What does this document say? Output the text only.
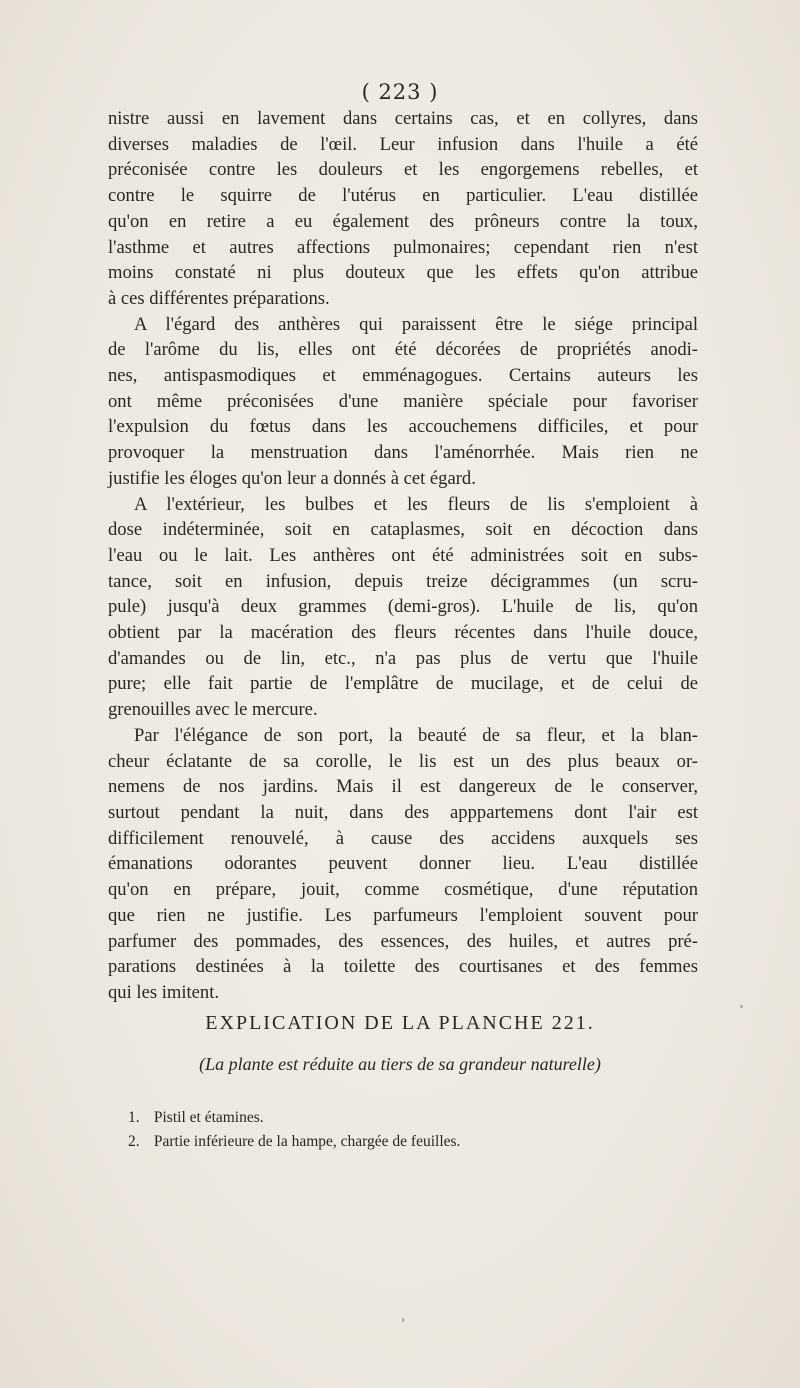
( 223 )
nistre aussi en lavement dans certains cas, et en collyres, dans
diverses maladies de l'œil. Leur infusion dans l'huile a été
préconisée contre les douleurs et les engorgemens rebelles, et
contre le squirre de l'utérus en particulier. L'eau distillée
qu'on en retire a eu également des prôneurs contre la toux,
l'asthme et autres affections pulmonaires; cependant rien n'est
moins constaté ni plus douteux que les effets qu'on attribue
à ces différentes préparations.
A l'égard des anthères qui paraissent être le siége principal
de l'arôme du lis, elles ont été décorées de propriétés anodi-
nes, antispasmodiques et emménagogues. Certains auteurs les
ont même préconisées d'une manière spéciale pour favoriser
l'expulsion du fœtus dans les accouchemens difficiles, et pour
provoquer la menstruation dans l'aménorrhée. Mais rien ne
justifie les éloges qu'on leur a donnés à cet égard.
A l'extérieur, les bulbes et les fleurs de lis s'emploient à
dose indéterminée, soit en cataplasmes, soit en décoction dans
l'eau ou le lait. Les anthères ont été administrées soit en subs-
tance, soit en infusion, depuis treize décigrammes (un scru-
pule) jusqu'à deux grammes (demi-gros). L'huile de lis, qu'on
obtient par la macération des fleurs récentes dans l'huile douce,
d'amandes ou de lin, etc., n'a pas plus de vertu que l'huile
pure; elle fait partie de l'emplâtre de mucilage, et de celui de
grenouilles avec le mercure.
Par l'élégance de son port, la beauté de sa fleur, et la blan-
cheur éclatante de sa corolle, le lis est un des plus beaux or-
nemens de nos jardins. Mais il est dangereux de le conserver,
surtout pendant la nuit, dans des apppartemens dont l'air est
difficilement renouvelé, à cause des accidens auxquels ses
émanations odorantes peuvent donner lieu. L'eau distillée
qu'on en prépare, jouit, comme cosmétique, d'une réputation
que rien ne justifie. Les parfumeurs l'emploient souvent pour
parfumer des pommades, des essences, des huiles, et autres pré-
parations destinées à la toilette des courtisanes et des femmes
qui les imitent.
EXPLICATION DE LA PLANCHE 221.
(La plante est réduite au tiers de sa grandeur naturelle)
1. Pistil et étamines.
2. Partie inférieure de la hampe, chargée de feuilles.
